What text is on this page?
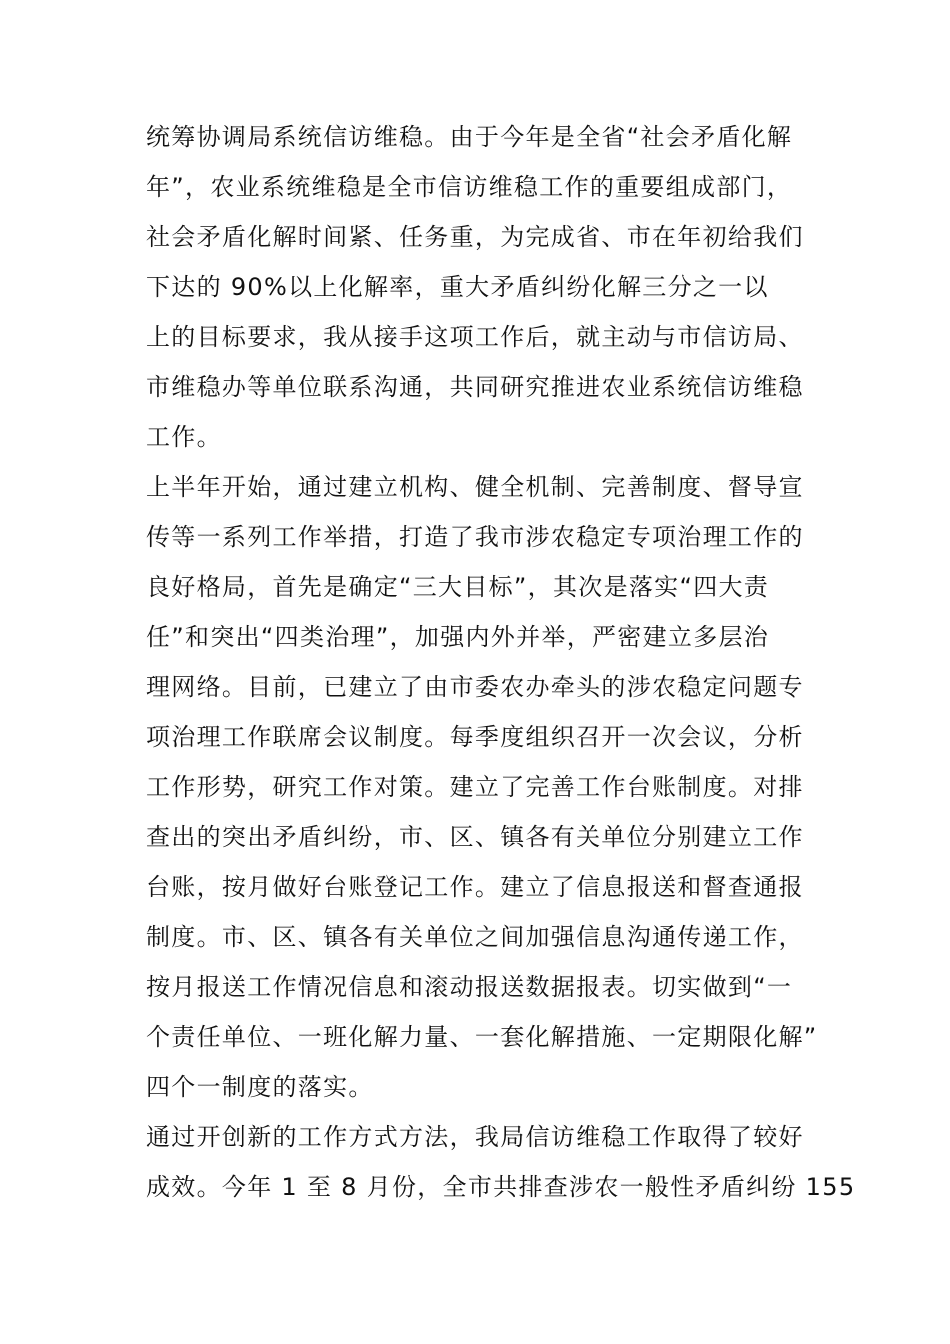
统筹协调局系统信访维稳。由于今年是全省“社会矛盾化解
年”，农业系统维稳是全市信访维稳工作的重要组成部门，
社会矛盾化解时间紧、任务重，为完成省、市在年初给我们
下达的 90%以上化解率，重大矛盾纠纷化解三分之一以
上的目标要求，我从接手这项工作后，就主动与市信访局、
市维稳办等单位联系沟通，共同研究推进农业系统信访维稳
工作。
上半年开始，通过建立机构、健全机制、完善制度、督导宣
传等一系列工作举措，打造了我市涉农稳定专项治理工作的
良好格局，首先是确定“三大目标”，其次是落实“四大责
任”和突出“四类治理”，加强内外并举，严密建立多层治
理网络。目前，已建立了由市委农办牵头的涉农稳定问题专
项治理工作联席会议制度。每季度组织召开一次会议，分析
工作形势，研究工作对策。建立了完善工作台账制度。对排
查出的突出矛盾纠纷，市、区、镇各有关单位分别建立工作
台账，按月做好台账登记工作。建立了信息报送和督查通报
制度。市、区、镇各有关单位之间加强信息沟通传递工作，
按月报送工作情况信息和滚动报送数据报表。切实做到“一
个责任单位、一班化解力量、一套化解措施、一定期限化解”
四个一制度的落实。
通过开创新的工作方式方法，我局信访维稳工作取得了较好
成效。今年 1 至 8 月份，全市共排查涉农一般性矛盾纠纷 155
